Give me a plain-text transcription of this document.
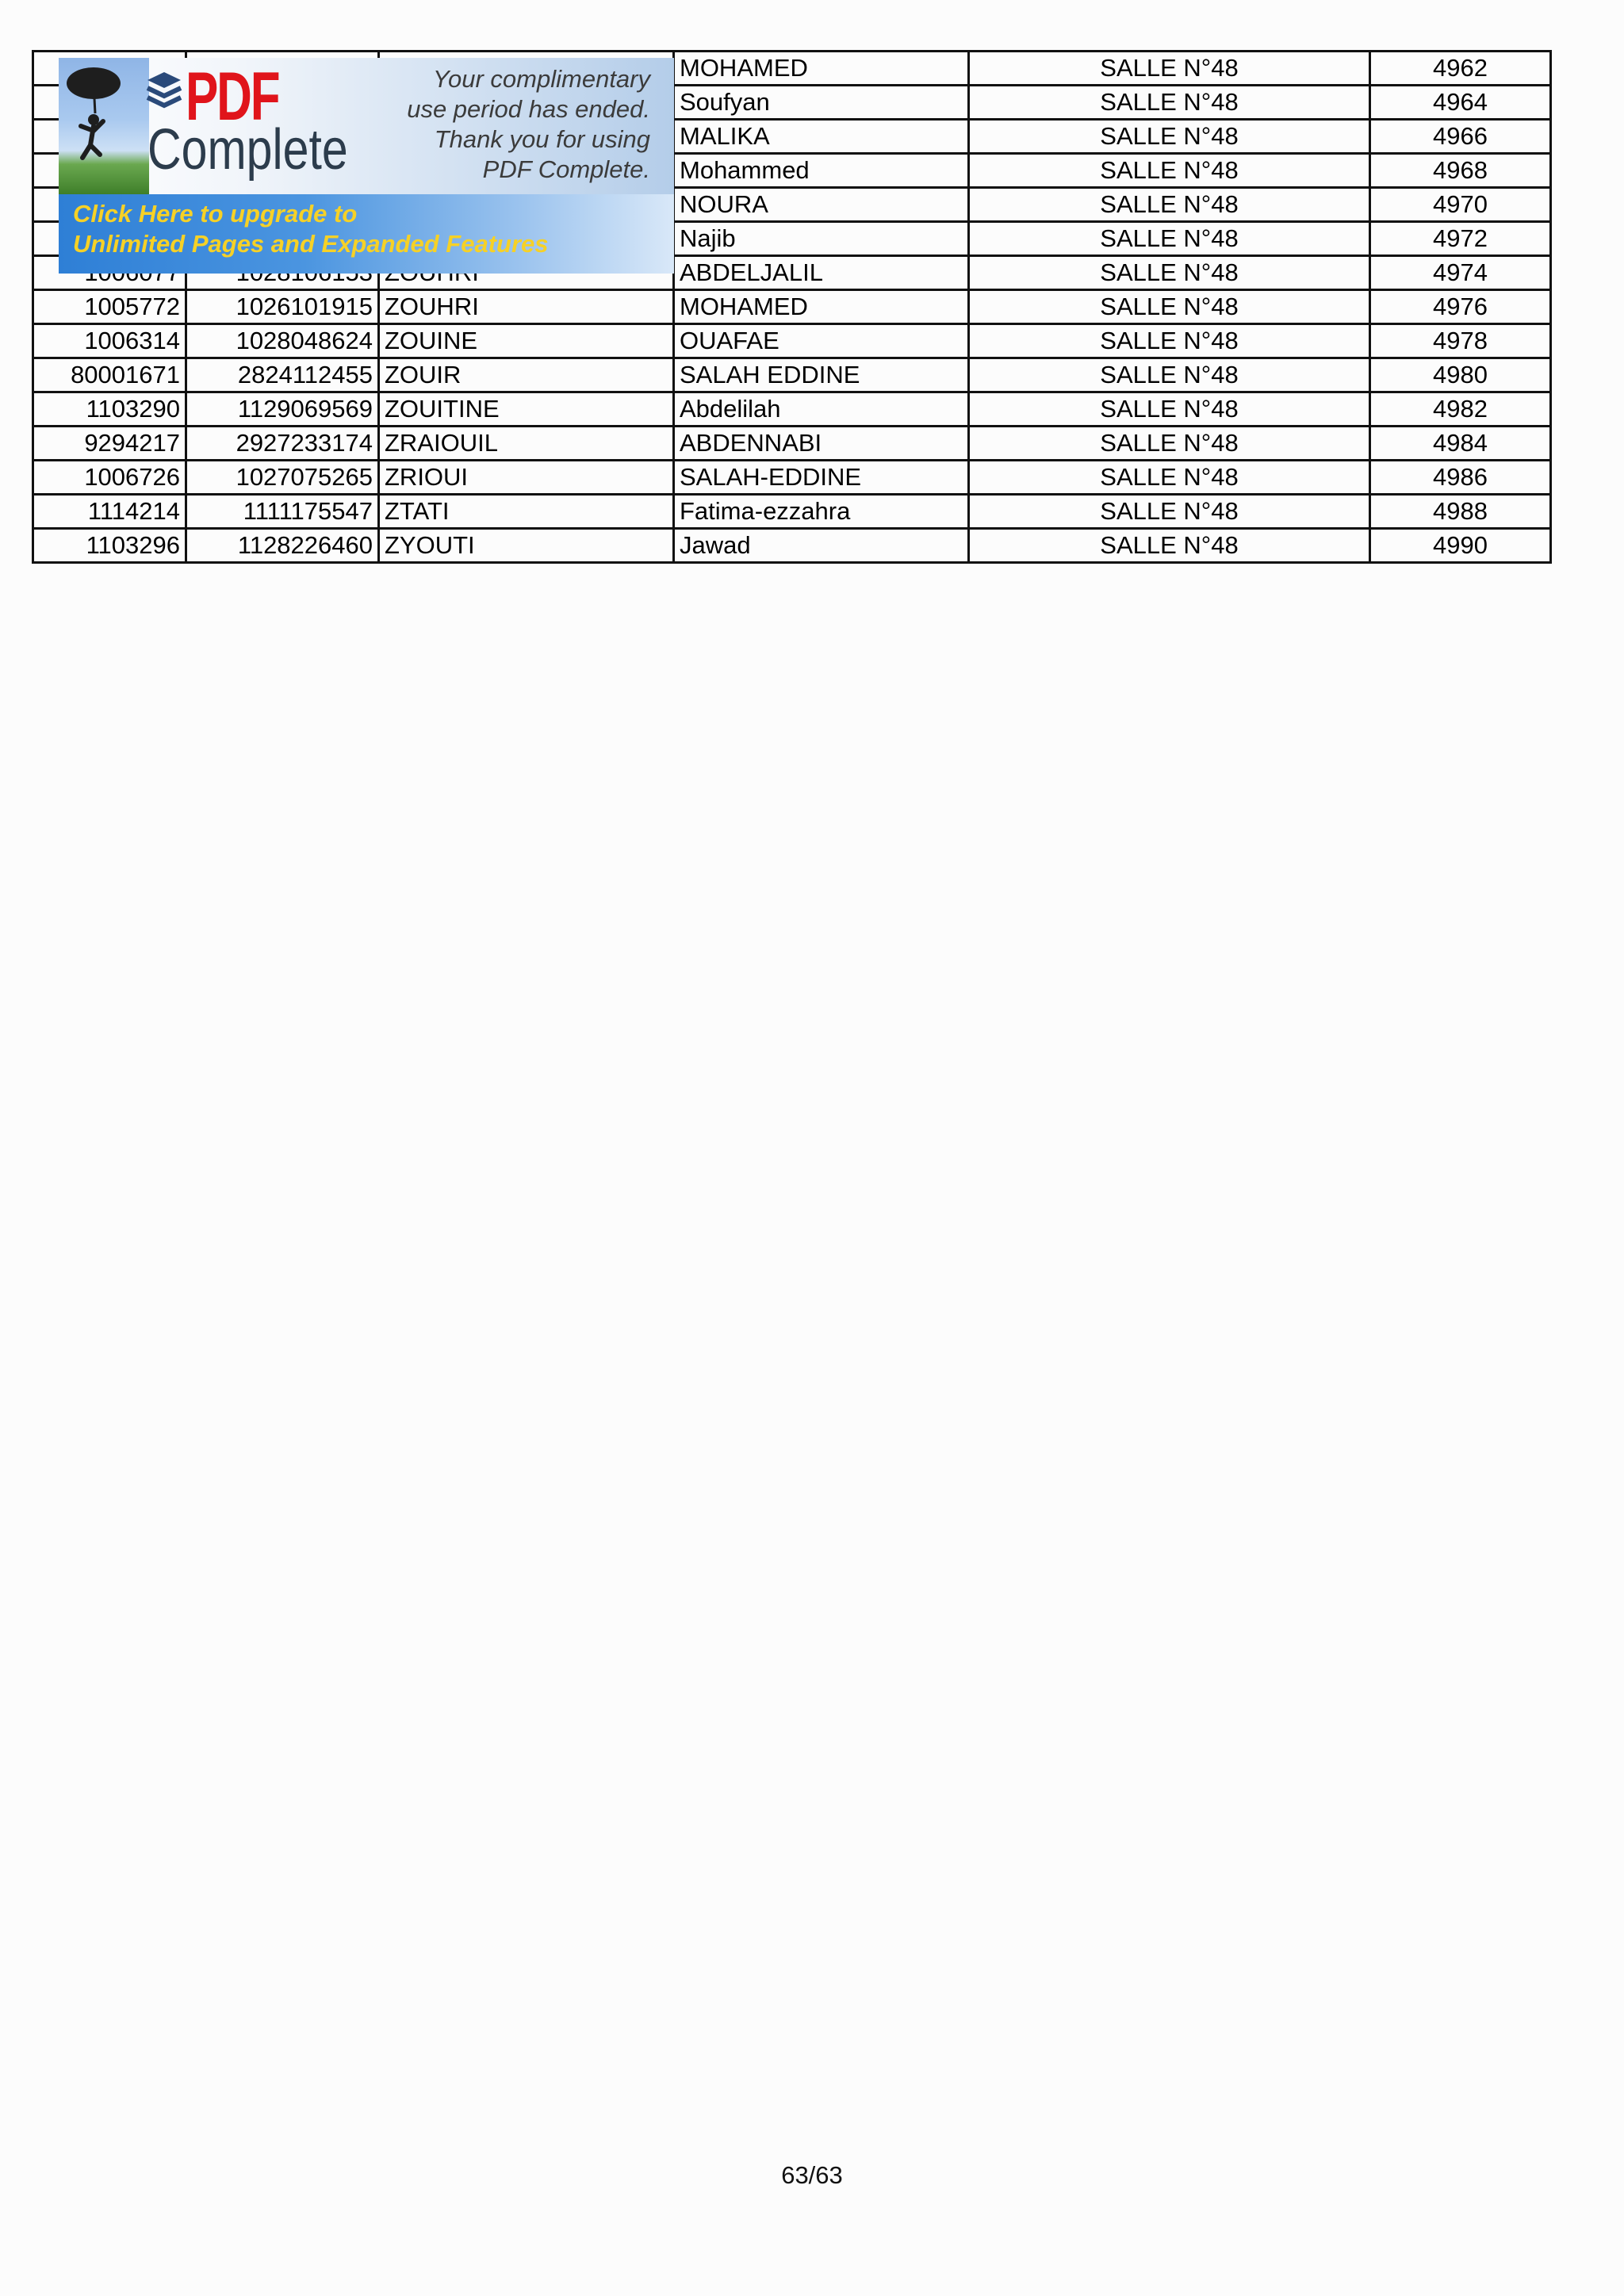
			MOHAMED	SALLE N°48	4962
			Soufyan	SALLE N°48	4964
			MALIKA	SALLE N°48	4966
			Mohammed	SALLE N°48	4968
			NOURA	SALLE N°48	4970
			Najib	SALLE N°48	4972
			ABDELJALIL	SALLE N°48	4974
1005772	1026101915	ZOUHRI	MOHAMED	SALLE N°48	4976
1006314	1028048624	ZOUINE	OUAFAE	SALLE N°48	4978
80001671	2824112455	ZOUIR	SALAH EDDINE	SALLE N°48	4980
1103290	1129069569	ZOUITINE	Abdelilah	SALLE N°48	4982
9294217	2927233174	ZRAIOUIL	ABDENNABI	SALLE N°48	4984
1006726	1027075265	ZRIOUI	SALAH-EDDINE	SALLE N°48	4986
1114214	1111175547	ZTATI	Fatima-ezzahra	SALLE N°48	4988
1103296	1128226460	ZYOUTI	Jawad	SALLE N°48	4990
PDF
Complete
Your complimentary
use period has ended.
Thank you for using
PDF Complete.
Click Here to upgrade to
Unlimited Pages and Expanded Features
63/63
